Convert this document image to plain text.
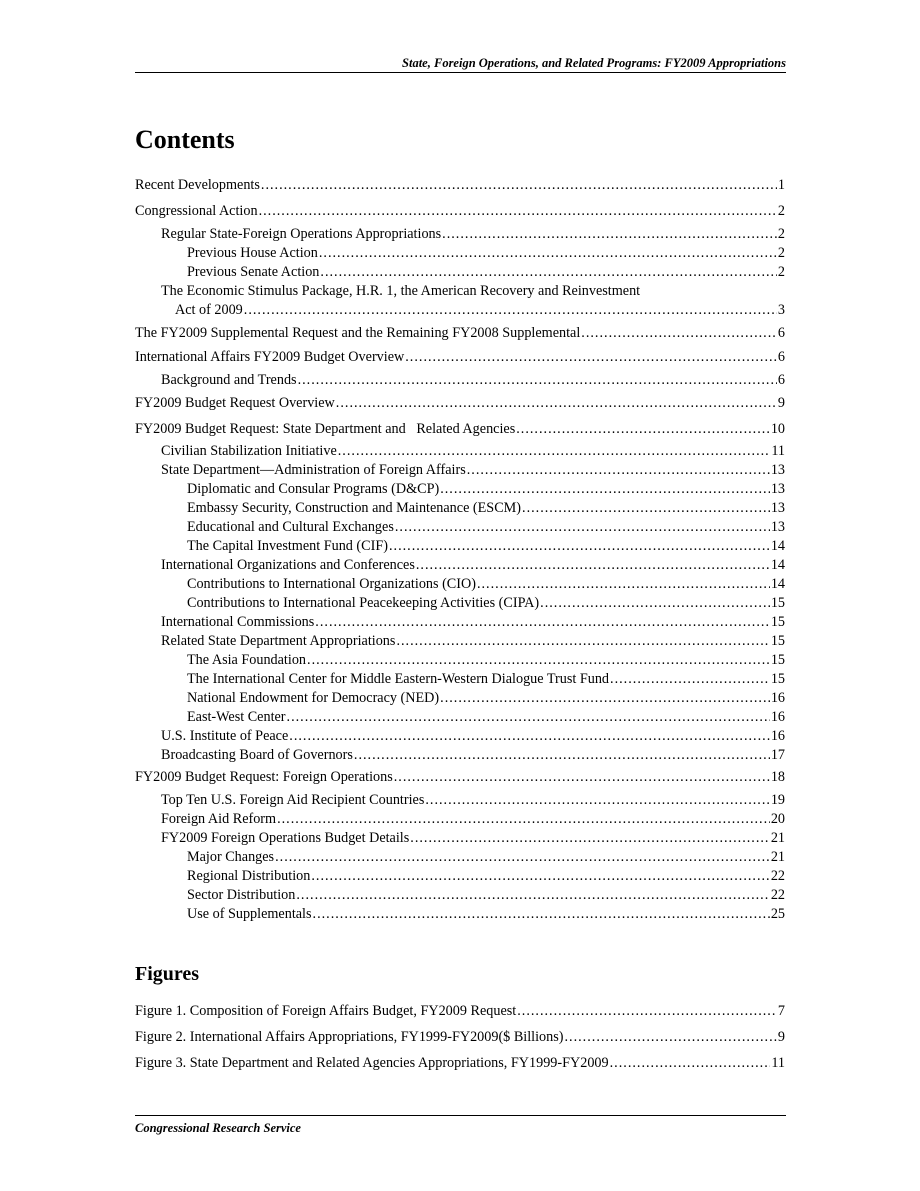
State, Foreign Operations, and Related Programs: FY2009 Appropriations
Contents
Recent Developments .....	1
Congressional Action .....	2
Regular State-Foreign Operations Appropriations .....	2
Previous House Action .....	2
Previous Senate Action .....	2
The Economic Stimulus Package, H.R. 1, the American Recovery and Reinvestment
Act of 2009 .....	3
The FY2009 Supplemental Request and the Remaining FY2008 Supplemental .....	6
International Affairs FY2009 Budget Overview .....	6
Background and Trends .....	6
FY2009 Budget Request Overview .....	9
FY2009 Budget Request: State Department and   Related Agencies .....	10
Civilian Stabilization Initiative .....	11
State Department—Administration of Foreign Affairs .....	13
Diplomatic and Consular Programs (D&CP) .....	13
Embassy Security, Construction and Maintenance (ESCM) .....	13
Educational and Cultural Exchanges .....	13
The Capital Investment Fund (CIF) .....	14
International Organizations and Conferences .....	14
Contributions to International Organizations (CIO) .....	14
Contributions to International Peacekeeping Activities (CIPA) .....	15
International Commissions .....	15
Related State Department Appropriations .....	15
The Asia Foundation .....	15
The International Center for Middle Eastern-Western Dialogue Trust Fund .....	15
National Endowment for Democracy (NED) .....	16
East-West Center .....	16
U.S. Institute of Peace .....	16
Broadcasting Board of Governors .....	17
FY2009 Budget Request: Foreign Operations .....	18
Top Ten U.S. Foreign Aid Recipient Countries .....	19
Foreign Aid Reform .....	20
FY2009 Foreign Operations Budget Details .....	21
Major Changes .....	21
Regional Distribution .....	22
Sector Distribution .....	22
Use of Supplementals .....	25
Figure 1. Composition of Foreign Affairs Budget, FY2009 Request .....	7
Figure 2. International Affairs Appropriations, FY1999-FY2009($ Billions) .....	9
Figure 3. State Department and Related Agencies Appropriations, FY1999-FY2009 .....	11
Figures
Congressional Research Service
